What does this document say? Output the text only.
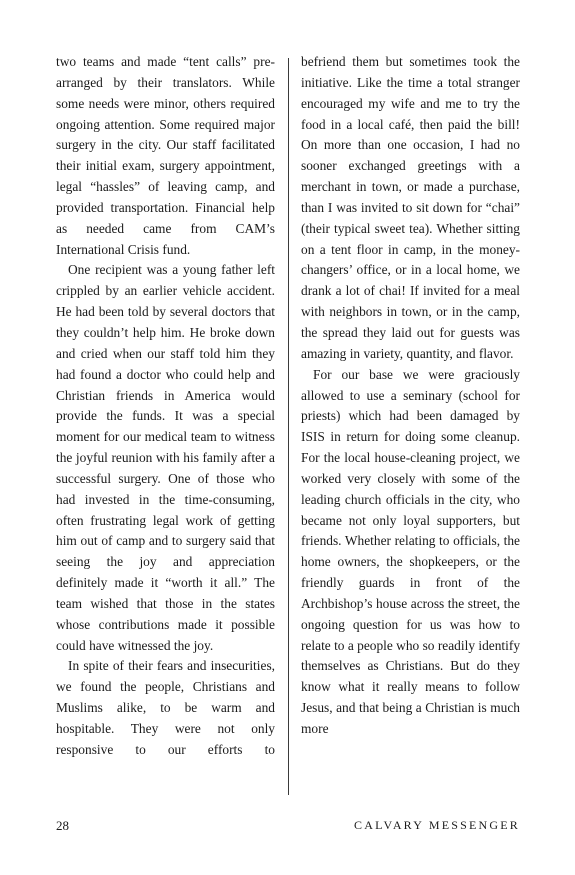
two teams and made “tent calls” pre-arranged by their translators. While some needs were minor, others required ongoing attention. Some required major surgery in the city. Our staff facilitated their initial exam, surgery appointment, legal “hassles” of leaving camp, and provided transportation. Financial help as needed came from CAM’s International Crisis fund.

One recipient was a young father left crippled by an earlier vehicle accident. He had been told by several doctors that they couldn’t help him. He broke down and cried when our staff told him they had found a doctor who could help and Christian friends in America would provide the funds. It was a special moment for our medical team to witness the joyful reunion with his family after a successful surgery. One of those who had invested in the time-consuming, often frustrating legal work of getting him out of camp and to surgery said that seeing the joy and appreciation definitely made it “worth it all.” The team wished that those in the states whose contributions made it possible could have witnessed the joy.

In spite of their fears and insecurities, we found the people, Christians and Muslims alike, to be warm and hospitable. They were not only responsive to our efforts to

befriend them but sometimes took the initiative. Like the time a total stranger encouraged my wife and me to try the food in a local café, then paid the bill! On more than one occasion, I had no sooner exchanged greetings with a merchant in town, or made a purchase, than I was invited to sit down for “chai” (their typical sweet tea). Whether sitting on a tent floor in camp, in the money-changers’ office, or in a local home, we drank a lot of chai! If invited for a meal with neighbors in town, or in the camp, the spread they laid out for guests was amazing in variety, quantity, and flavor.

For our base we were graciously allowed to use a seminary (school for priests) which had been damaged by ISIS in return for doing some cleanup. For the local house-cleaning project, we worked very closely with some of the leading church officials in the city, who became not only loyal supporters, but friends. Whether relating to officials, the home owners, the shopkeepers, or the friendly guards in front of the Archbishop’s house across the street, the ongoing question for us was how to relate to a people who so readily identify themselves as Christians. But do they know what it really means to follow Jesus, and that being a Christian is much more

28	CALVARY MESSENGER
